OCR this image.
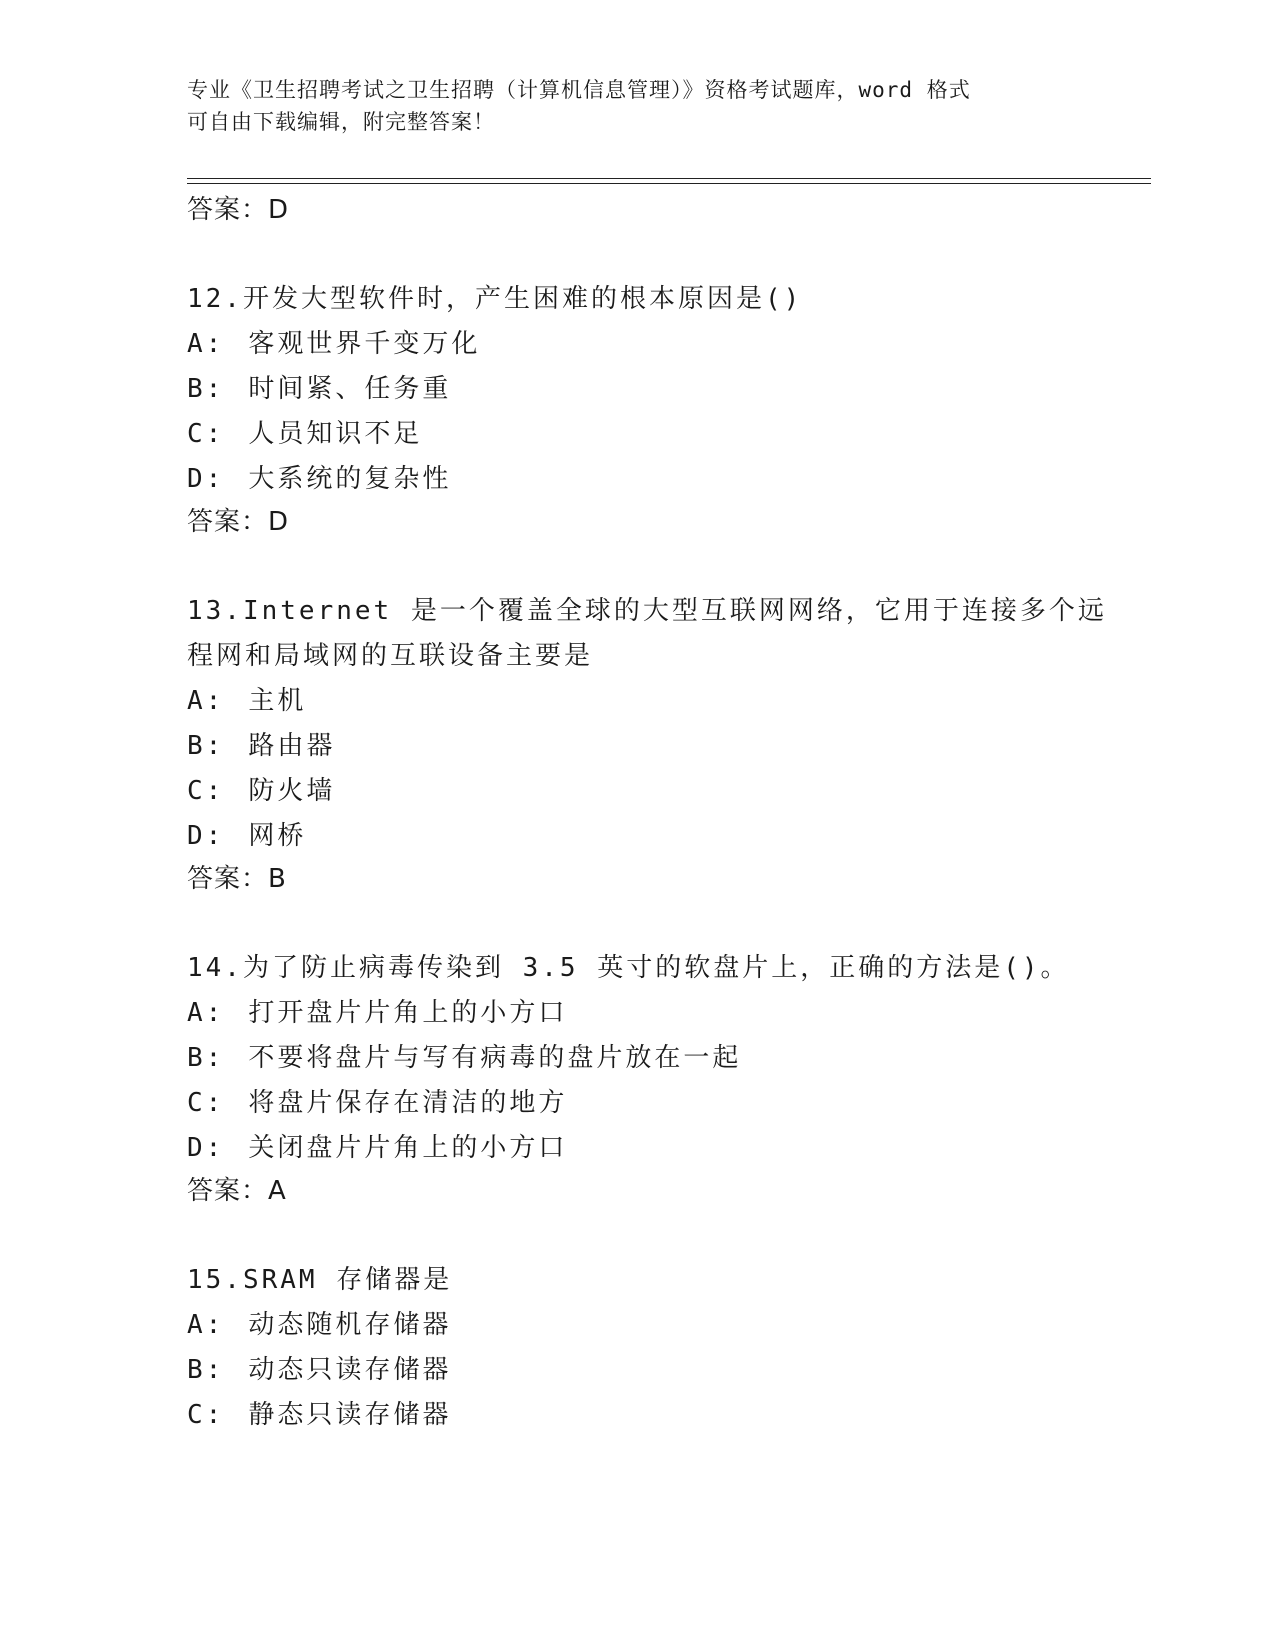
专业《卫生招聘考试之卫生招聘（计算机信息管理）》资格考试题库，word 格式
可自由下载编辑，附完整答案！
答案：D
12.开发大型软件时，产生困难的根本原因是()
A: 客观世界千变万化
B: 时间紧、任务重
C: 人员知识不足
D: 大系统的复杂性
答案：D
13.Internet 是一个覆盖全球的大型互联网网络，它用于连接多个远程网和局域网的互联设备主要是
A: 主机
B: 路由器
C: 防火墙
D: 网桥
答案：B
14.为了防止病毒传染到 3.5 英寸的软盘片上，正确的方法是()。
A: 打开盘片片角上的小方口
B: 不要将盘片与写有病毒的盘片放在一起
C: 将盘片保存在清洁的地方
D: 关闭盘片片角上的小方口
答案：A
15.SRAM 存储器是
A: 动态随机存储器
B: 动态只读存储器
C: 静态只读存储器
